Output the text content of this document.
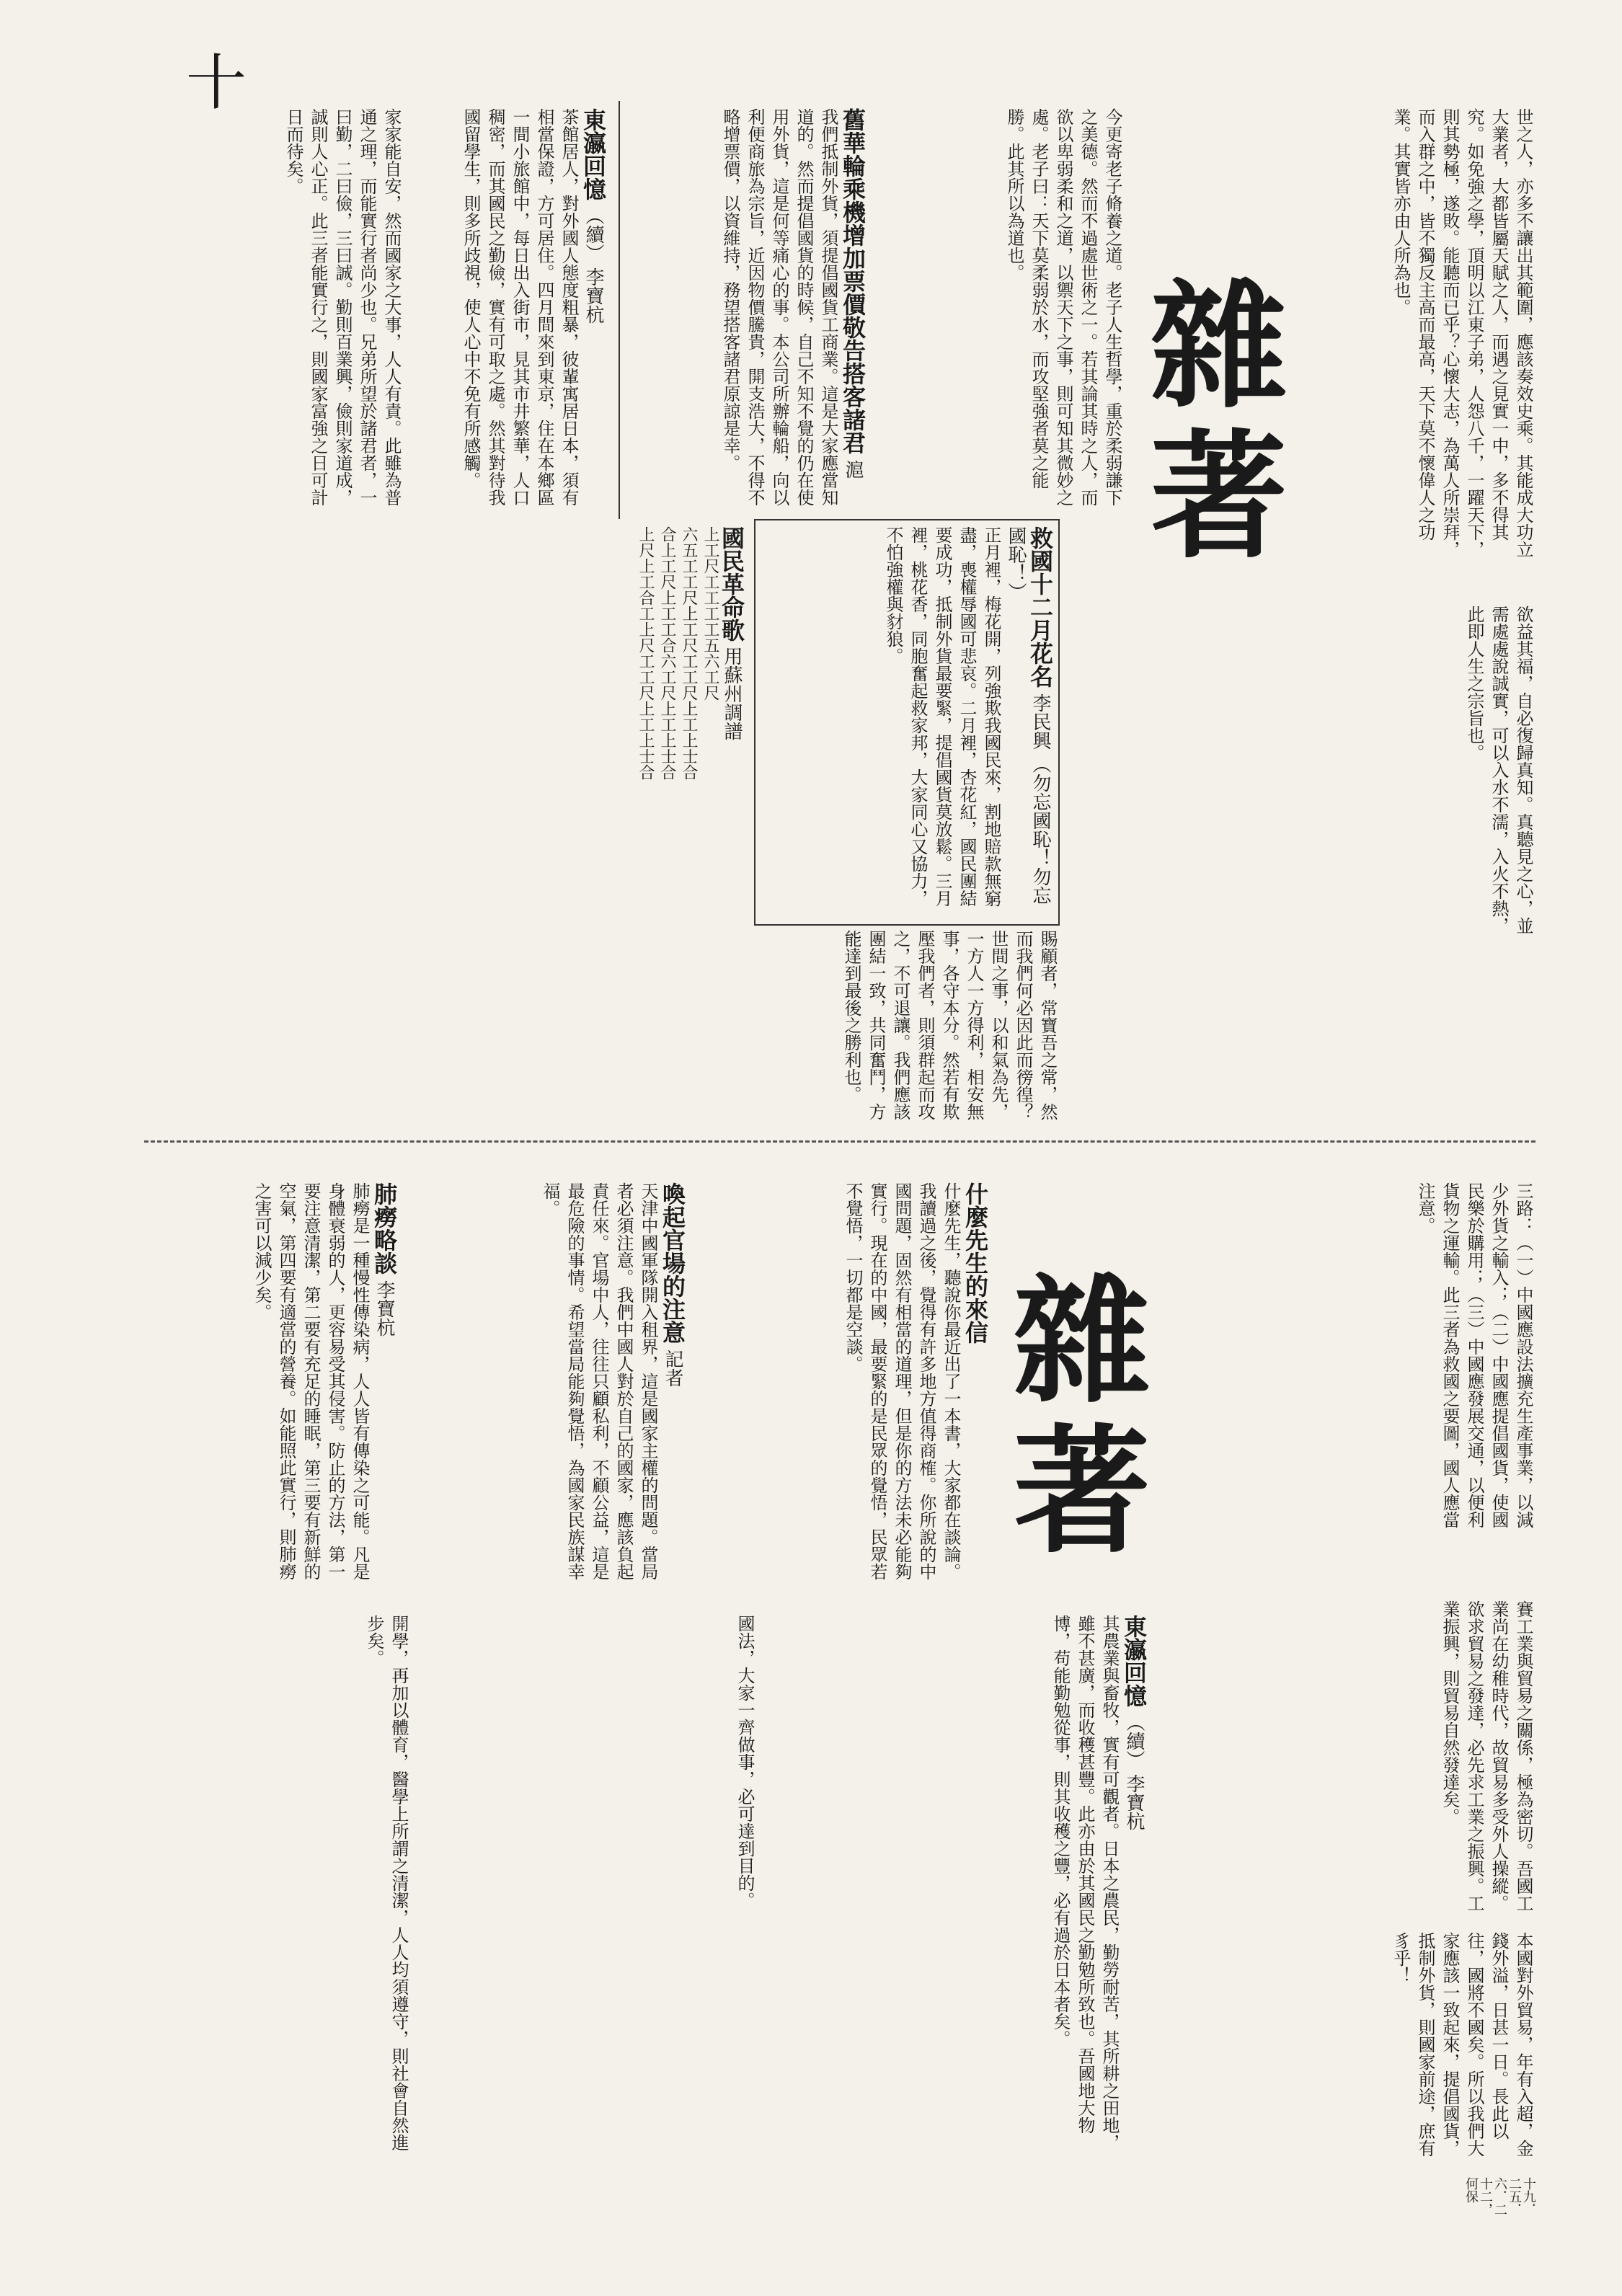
十

世之人，亦多不讓出其範圍，應該奏效史乘。其能成大功立大業者，大都皆屬天賦之人，而遇之見實一中，多不得其究。如免強之學，頂明以江東子弟，人怨八千，一躍天下，則其勢極，遂敗。能聽而已乎？心懷大志，為萬人所崇拜，而入群之中，皆不獨反主高而最高，天下莫不懷偉人之功業。其實皆亦由人所為也。

雜著

今更寄老子脩養之道。老子人生哲學，重於柔弱謙下之美德。然而不過處世術之一。若其論其時之人，而欲以卑弱柔和之道，以禦天下之事，則可知其微妙之處。老子曰：天下莫柔弱於水，而攻堅強者莫之能勝。此其所以為道也。

欲益其福，自必復歸真知。真聽見之心，並需處處說誠實，可以入水不濡，入火不熱，此即人生之宗旨也。

舊華輪乘機增加票價敬告搭客諸君 滬

我們抵制外貨，須提倡國貨工商業。這是大家應當知道的。然而提倡國貨的時候，自己不知不覺的仍在使用外貨，這是何等痛心的事。本公司所辦輪船，向以利便商旅為宗旨，近因物價騰貴，開支浩大，不得不略增票價，以資維持，務望搭客諸君原諒是幸。

東瀛回憶 （續） 李寶杭

茶館居人，對外國人態度粗暴，彼輩寓居日本，須有相當保證，方可居住。四月間來到東京，住在本鄉區一間小旅館中，每日出入街市，見其市井繁華，人口稠密，而其國民之勤儉，實有可取之處。然其對待我國留學生，則多所歧視，使人心中不免有所感觸。

家家能自安，然而國家之大事，人人有責。此雖為普通之理，而能實行者尚少也。兄弟所望於諸君者，一曰勤，二曰儉，三曰誠。勤則百業興，儉則家道成，誠則人心正。此三者能實行之，則國家富強之日可計日而待矣。

救國十二月花名 李民興 （勿忘國恥！勿忘國恥！）

正月裡，梅花開，列強欺我國民來，割地賠款無窮盡，喪權辱國可悲哀。二月裡，杏花紅，國民團結要成功，抵制外貨最要緊，提倡國貨莫放鬆。三月裡，桃花香，同胞奮起救家邦，大家同心又協力，不怕強權與豺狼。

國民革命歌 用蘇州調譜

上工尺工工工工五六工尺

六五工工尺上工尺工工尺上工上士合

合上工尺上工工合六工尺上工上士合

上尺上工合工上尺工工尺上工上士合

賜顧者，常寶吾之常，然而我們何必因此而徬徨？世間之事，以和氣為先，一方人一方得利，相安無事，各守本分。然若有欺壓我們者，則須群起而攻之，不可退讓。我們應該團結一致，共同奮鬥，方能達到最後之勝利也。

三路：（一）中國應設法擴充生產事業，以減少外貨之輸入；（二）中國應提倡國貨，使國民樂於購用；（三）中國應發展交通，以便利貨物之運輸。此三者為救國之要圖，國人應當注意。

雜著
什麼先生的來信

什麼先生，聽說你最近出了一本書，大家都在談論。我讀過之後，覺得有許多地方值得商榷。你所說的中國問題，固然有相當的道理，但是你的方法未必能夠實行。現在的中國，最要緊的是民眾的覺悟，民眾若不覺悟，一切都是空談。

喚起官場的注意 記者

天津中國軍隊開入租界，這是國家主權的問題。當局者必須注意。我們中國人對於自己的國家，應該負起責任來。官場中人，往往只顧私利，不顧公益，這是最危險的事情。希望當局能夠覺悟，為國家民族謀幸福。

肺癆略談 李寶杭

肺癆是一種慢性傳染病，人人皆有傳染之可能。凡是身體衰弱的人，更容易受其侵害。防止的方法，第一要注意清潔，第二要有充足的睡眠，第三要有新鮮的空氣，第四要有適當的營養。如能照此實行，則肺癆之害可以減少矣。

賽工業與貿易之關係，極為密切。吾國工業尚在幼稚時代，故貿易多受外人操縱。欲求貿易之發達，必先求工業之振興。工業振興，則貿易自然發達矣。

本國對外貿易，年有入超，金錢外溢，日甚一日。長此以往，國將不國矣。所以我們大家應該一致起來，提倡國貨，抵制外貨，則國家前途，庶有豸乎！

東瀛回憶 （續） 李寶杭

其農業與畜牧，實有可觀者。日本之農民，勤勞耐苦，其所耕之田地，雖不甚廣，而收穫甚豐。此亦由於其國民之勤勉所致也。吾國地大物博，苟能勤勉從事，則其收穫之豐，必有過於日本者矣。

國法，大家一齊做事，必可達到目的。

開學，再加以體育，醫學上所謂之清潔，人人均須遵守，則社會自然進步矣。

十九．二五．六．二十二，何保
